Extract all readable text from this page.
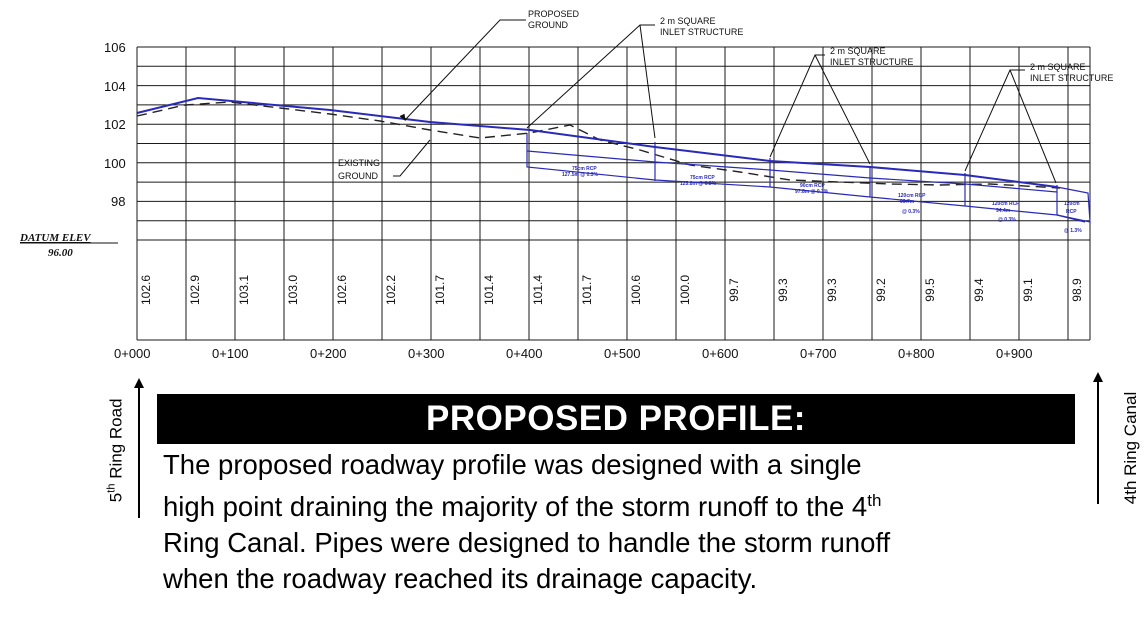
106
104
102
100
98
DATUM ELEV
96.00
75cm RCP
127.5m @ 0.3%	75cm RCP
125.8m @ 0.3%	90cm RCP
97.8m @ 0.3%
120cm RCP
99.7m
@ 0.3%
120cm RCP
94.4m
@ 0.3%
120cm
RCP
@ 1.3%
PROPOSED
GROUND
EXISTING
GROUND
2 m SQUARE
INLET STRUCTURE
2 m SQUARE
INLET STRUCTURE	2 m SQUARE
INLET STRUCTURE
102.6	102.9	103.1	103.0	102.6	102.2	101.7	101.4	101.4	101.7	100.6	100.0	99.7	99.3	99.3	99.2	99.5	99.4	99.1	98.9
0+000	0+100	0+200	0+300	0+400	0+500	0+600	0+700	0+800	0+900
5th Ring Road	4th Ring Canal
PROPOSED PROFILE:
The proposed roadway profile was designed with a single
high point draining the majority of the storm runoff to the 4th
Ring Canal. Pipes were designed to handle the storm runoff
when the roadway reached its drainage capacity.
